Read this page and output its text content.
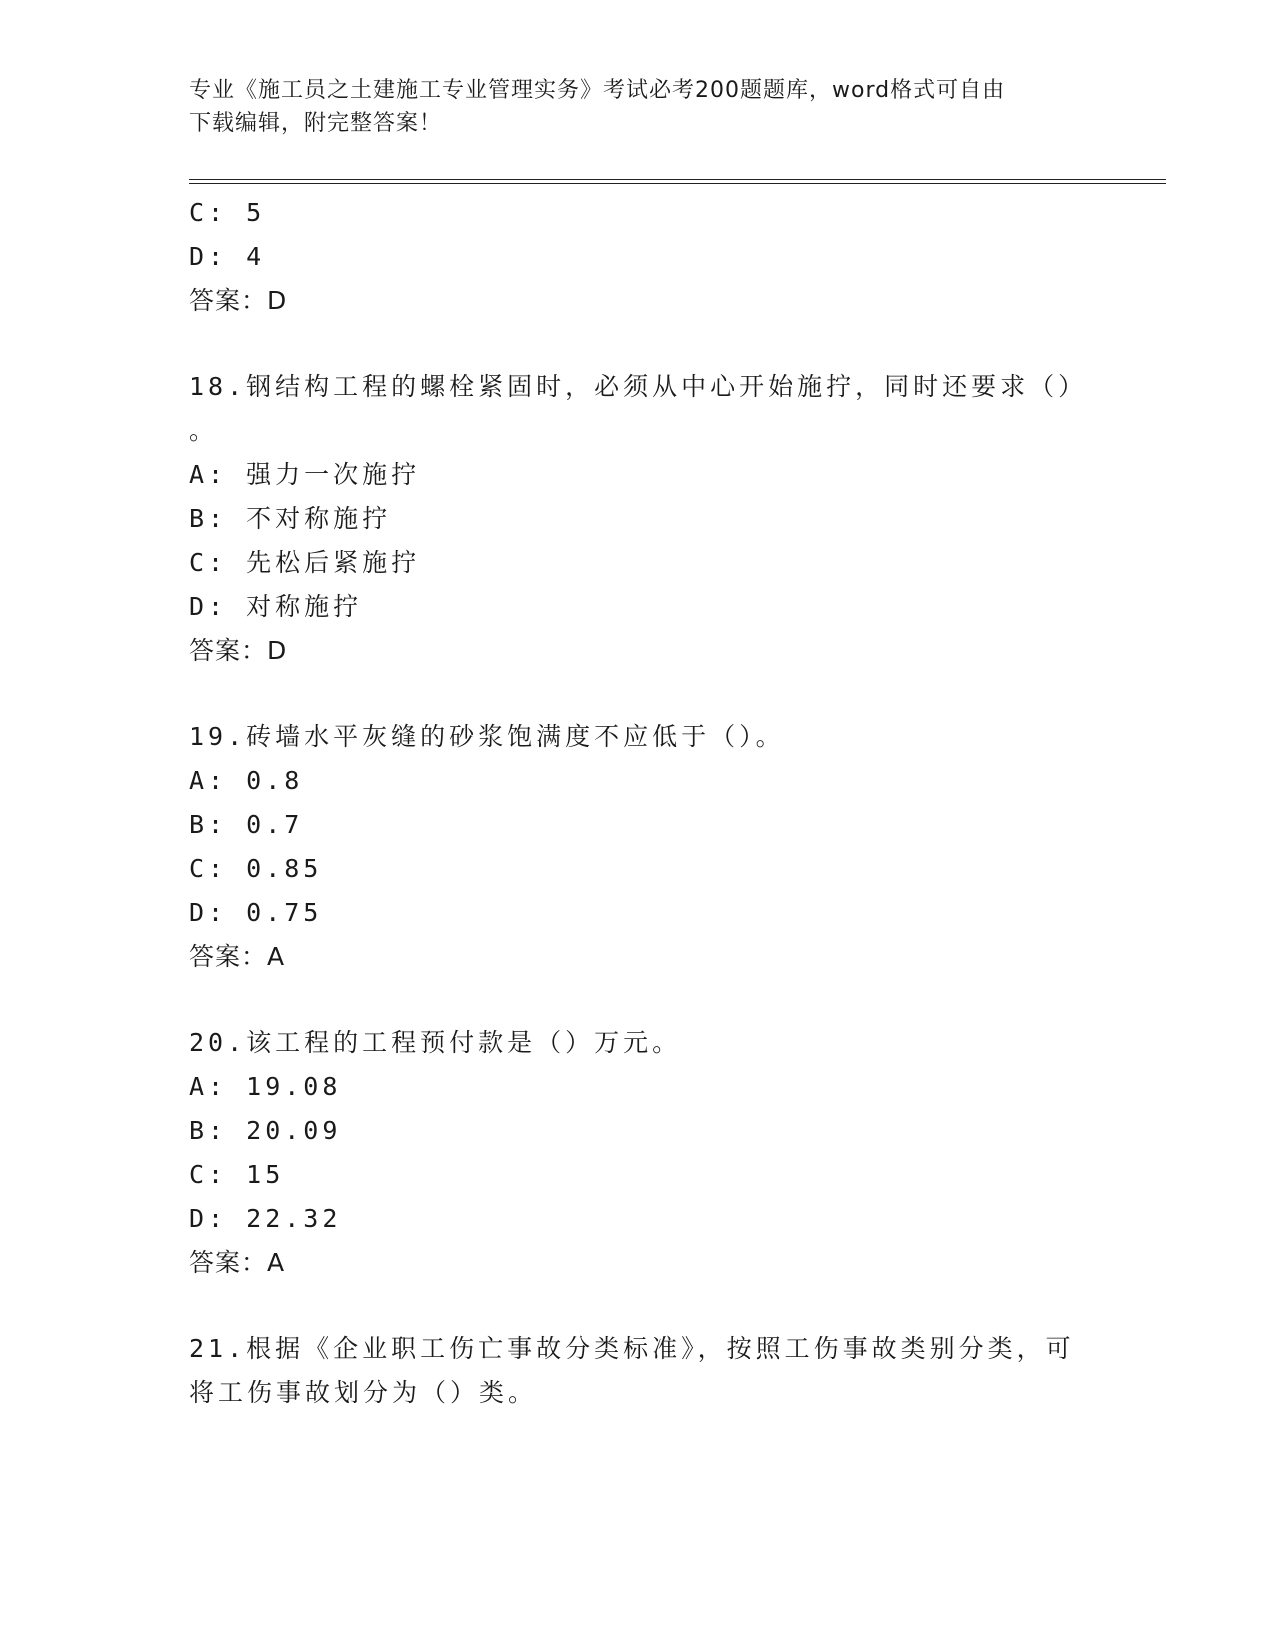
专业《施工员之土建施工专业管理实务》考试必考200题题库，word格式可自由
下载编辑，附完整答案！
C: 5
D: 4
答案：D
18.钢结构工程的螺栓紧固时，必须从中心开始施拧，同时还要求（）
。
A: 强力一次施拧
B: 不对称施拧
C: 先松后紧施拧
D: 对称施拧
答案：D
19.砖墙水平灰缝的砂浆饱满度不应低于（）。
A: 0.8
B: 0.7
C: 0.85
D: 0.75
答案：A
20.该工程的工程预付款是（）万元。
A: 19.08
B: 20.09
C: 15
D: 22.32
答案：A
21.根据《企业职工伤亡事故分类标准》，按照工伤事故类别分类，可
将工伤事故划分为（）类。
